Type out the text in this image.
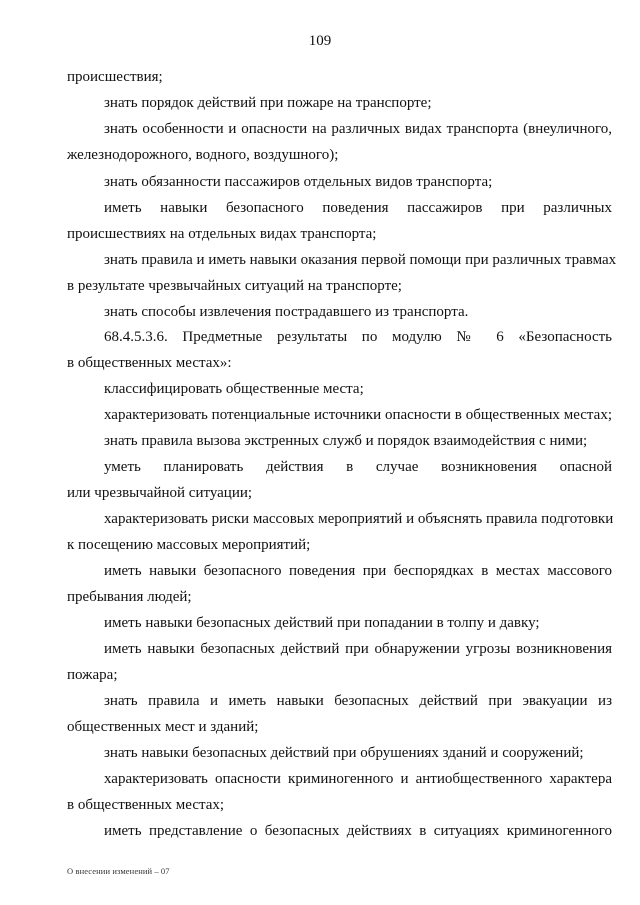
109
происшествия;
знать порядок действий при пожаре на транспорте;
знать особенности и опасности на различных видах транспорта (внеуличного,
железнодорожного, водного, воздушного);
знать обязанности пассажиров отдельных видов транспорта;
иметь навыки безопасного поведения пассажиров при различных
происшествиях на отдельных видах транспорта;
знать правила и иметь навыки оказания первой помощи при различных травмах
в результате чрезвычайных ситуаций на транспорте;
знать способы извлечения пострадавшего из транспорта.
68.4.5.3.6. Предметные результаты по модулю № 6 «Безопасность
в общественных местах»:
классифицировать общественные места;
характеризовать потенциальные источники опасности в общественных местах;
знать правила вызова экстренных служб и порядок взаимодействия с ними;
уметь планировать действия в случае возникновения опасной
или чрезвычайной ситуации;
характеризовать риски массовых мероприятий и объяснять правила подготовки
к посещению массовых мероприятий;
иметь навыки безопасного поведения при беспорядках в местах массового
пребывания людей;
иметь навыки безопасных действий при попадании в толпу и давку;
иметь навыки безопасных действий при обнаружении угрозы возникновения
пожара;
знать правила и иметь навыки безопасных действий при эвакуации из
общественных мест и зданий;
знать навыки безопасных действий при обрушениях зданий и сооружений;
характеризовать опасности криминогенного и антиобщественного характера
в общественных местах;
иметь представление о безопасных действиях в ситуациях криминогенного
О внесении изменений – 07
